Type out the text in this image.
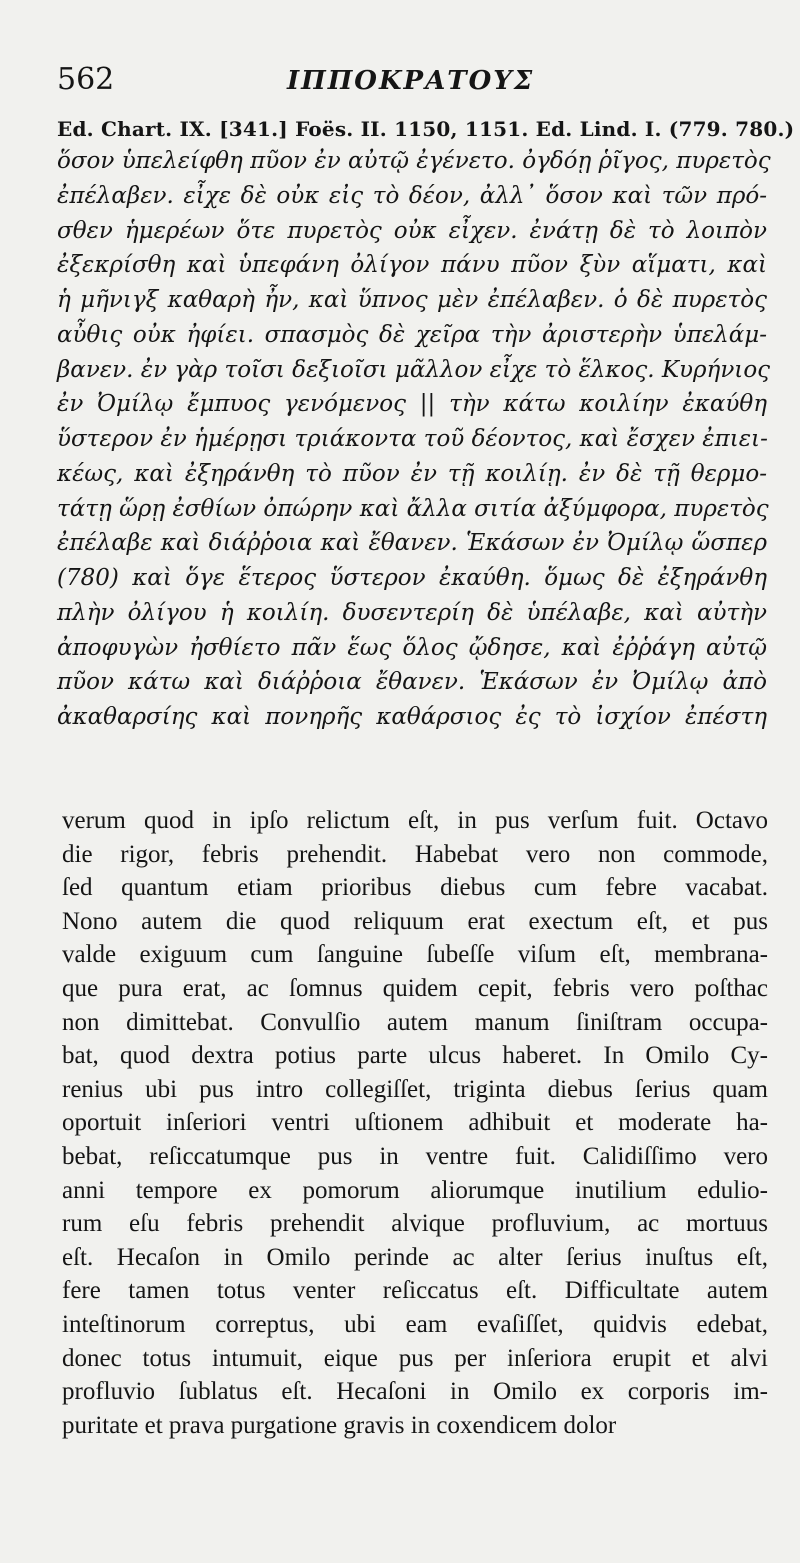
562	ΙΠΠΟΚΡΑΤΟΥΣ
Ed. Chart. IX. [341.] Foës. II. 1150, 1151. Ed. Lind. I. (779. 780.)
ὅσον ὑπελείφθη πῦον ἐν αὐτῷ ἐγένετο. ὀγδόῃ ῥῖγος, πυρετὸς
ἐπέλαβεν. εἶχε δὲ οὐκ εἰς τὸ δέον, ἀλλ᾽ ὅσον καὶ τῶν πρό-
σθεν ἡμερέων ὅτε πυρετὸς οὐκ εἶχεν. ἐνάτῃ δὲ τὸ λοιπὸν
ἐξεκρίσθη καὶ ὑπεφάνη ὀλίγον πάνυ πῦον ξὺν αἵματι, καὶ
ἡ μῆνιγξ καθαρὴ ἦν, καὶ ὕπνος μὲν ἐπέλαβεν. ὁ δὲ πυρετὸς
αὖθις οὐκ ἠφίει. σπασμὸς δὲ χεῖρα τὴν ἀριστερὴν ὑπελάμ-
βανεν. ἐν γὰρ τοῖσι δεξιοῖσι μᾶλλον εἶχε τὸ ἕλκος. Κυρήνιος
ἐν Ὀμίλῳ ἔμπυος γενόμενος || τὴν κάτω κοιλίην ἐκαύθη
ὕστερον ἐν ἡμέρῃσι τριάκοντα τοῦ δέοντος, καὶ ἔσχεν ἐπιει-
κέως, καὶ ἐξηράνθη τὸ πῦον ἐν τῇ κοιλίῃ. ἐν δὲ τῇ θερμο-
τάτῃ ὥρῃ ἐσθίων ὀπώρην καὶ ἄλλα σιτία ἀξύμφορα, πυρετὸς
ἐπέλαβε καὶ διάῤῥοια καὶ ἔθανεν. Ἑκάσων ἐν Ὀμίλῳ ὥσπερ
(780) καὶ ὅγε ἕτερος ὕστερον ἐκαύθη. ὅμως δὲ ἐξηράνθη
πλὴν ὀλίγου ἡ κοιλίη. δυσεντερίη δὲ ὑπέλαβε, καὶ αὐτὴν
ἀποφυγὼν ἠσθίετο πᾶν ἕως ὅλος ᾤδησε, καὶ ἐῤῥάγη αὐτῷ
πῦον κάτω καὶ διάῤῥοια ἔθανεν. Ἑκάσων ἐν Ὀμίλῳ ἀπὸ
ἀκαθαρσίης καὶ πονηρῆς καθάρσιος ἐς τὸ ἰσχίον ἐπέστη
verum quod in ipſo relictum eſt, in pus verſum fuit. Octavo
die rigor, febris prehendit. Habebat vero non commode,
ſed quantum etiam prioribus diebus cum febre vacabat.
Nono autem die quod reliquum erat exectum eſt, et pus
valde exiguum cum ſanguine ſubeſſe viſum eſt, membrana-
que pura erat, ac ſomnus quidem cepit, febris vero poſthac
non dimittebat. Convulſio autem manum ſiniſtram occupa-
bat, quod dextra potius parte ulcus haberet. In Omilo Cy-
renius ubi pus intro collegiſſet, triginta diebus ſerius quam
oportuit inſeriori ventri uſtionem adhibuit et moderate ha-
bebat, reſiccatumque pus in ventre fuit. Calidiſſimo vero
anni tempore ex pomorum aliorumque inutilium edulio-
rum eſu febris prehendit alvique profluvium, ac mortuus
eſt. Hecaſon in Omilo perinde ac alter ſerius inuſtus eſt,
fere tamen totus venter reſiccatus eſt. Difficultate autem
inteſtinorum correptus, ubi eam evaſiſſet, quidvis edebat,
donec totus intumuit, eique pus per inſeriora erupit et alvi
profluvio ſublatus eſt. Hecaſoni in Omilo ex corporis im-
puritate et prava purgatione gravis in coxendicem dolor
